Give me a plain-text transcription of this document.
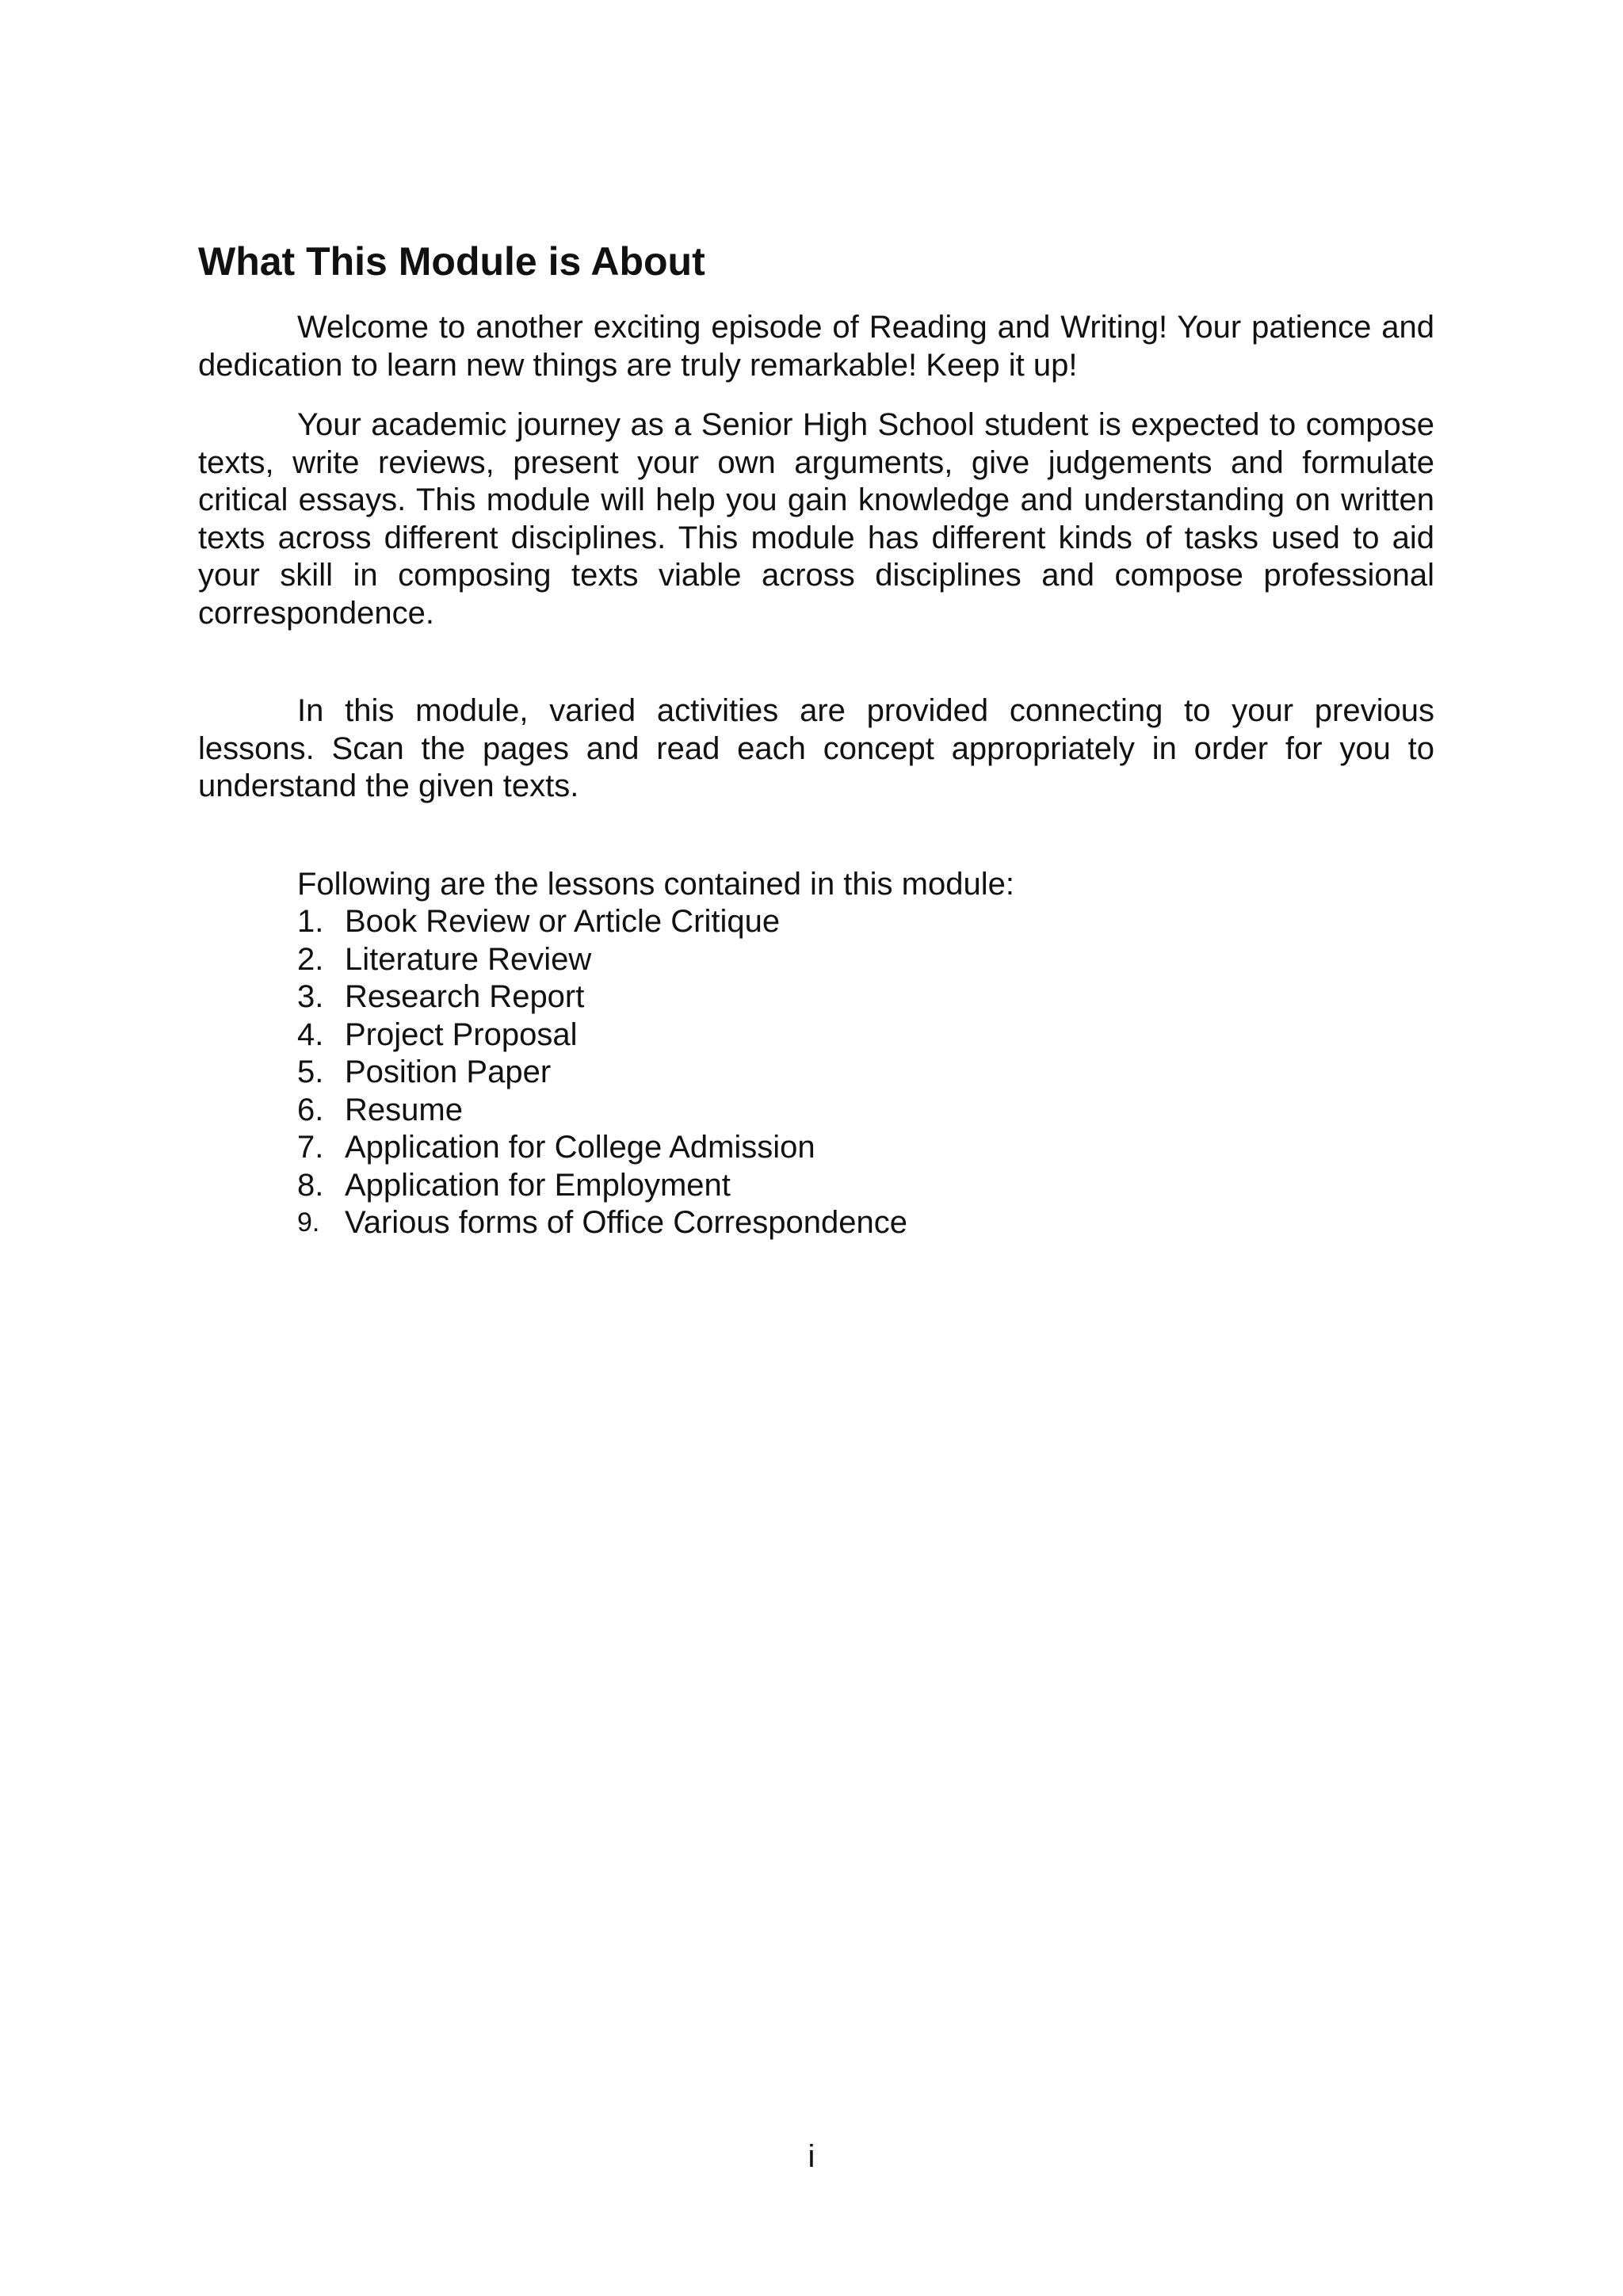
What This Module is About

Welcome to another exciting episode of Reading and Writing! Your patience and dedication to learn new things are truly remarkable! Keep it up!

Your academic journey as a Senior High School student is expected to compose texts, write reviews, present your own arguments, give judgements and formulate critical essays. This module will help you gain knowledge and understanding on written texts across different disciplines. This module has different kinds of tasks used to aid your skill in composing texts viable across disciplines and compose professional correspondence.

In this module, varied activities are provided connecting to your previous lessons. Scan the pages and read each concept appropriately in order for you to understand the given texts.

Following are the lessons contained in this module:
1. Book Review or Article Critique
2. Literature Review
3. Research Report
4. Project Proposal
5. Position Paper
6. Resume
7. Application for College Admission
8. Application for Employment
9. Various forms of Office Correspondence
i
